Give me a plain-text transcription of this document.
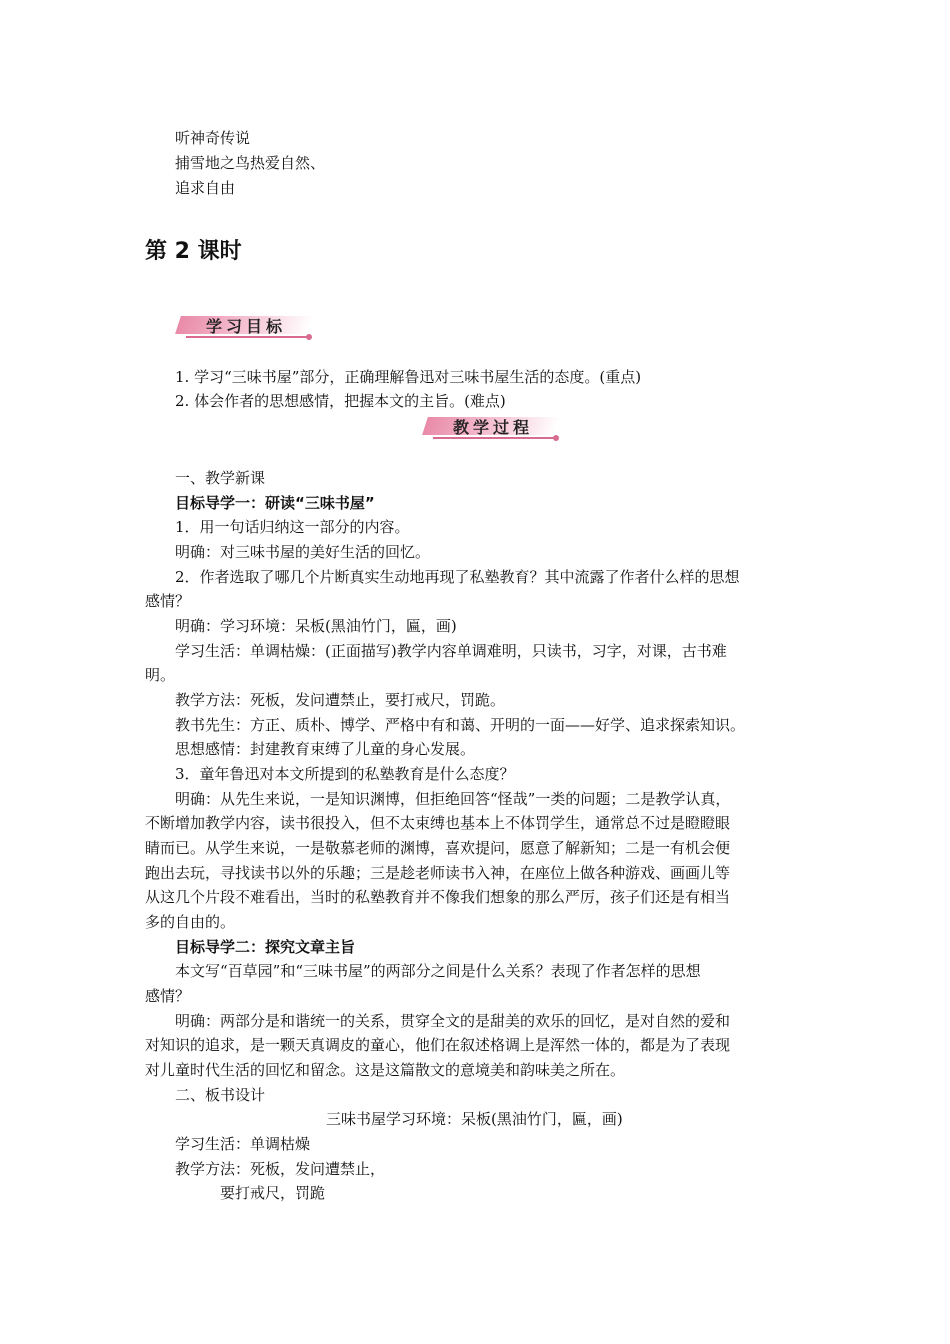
听神奇传说
捕雪地之鸟热爱自然、
追求自由
第 2 课时
学习目标
1. 学习“三味书屋”部分，正确理解鲁迅对三味书屋生活的态度。(重点)
2. 体会作者的思想感情，把握本文的主旨。(难点)
教学过程
一、教学新课
目标导学一：研读“三味书屋”
1．用一句话归纳这一部分的内容。
明确：对三味书屋的美好生活的回忆。
2．作者选取了哪几个片断真实生动地再现了私塾教育？其中流露了作者什么样的思想
感情？
明确：学习环境：呆板(黑油竹门，匾，画)
学习生活：单调枯燥：(正面描写)教学内容单调难明，只读书，习字，对课，古书难
明。
教学方法：死板，发问遭禁止，要打戒尺，罚跪。
教书先生：方正、质朴、博学、严格中有和蔼、开明的一面——好学、追求探索知识。
思想感情：封建教育束缚了儿童的身心发展。
3．童年鲁迅对本文所提到的私塾教育是什么态度？
明确：从先生来说，一是知识渊博，但拒绝回答“怪哉”一类的问题；二是教学认真，
不断增加教学内容，读书很投入，但不太束缚也基本上不体罚学生，通常总不过是瞪瞪眼
睛而已。从学生来说，一是敬慕老师的渊博，喜欢提问，愿意了解新知；二是一有机会便
跑出去玩，寻找读书以外的乐趣；三是趁老师读书入神，在座位上做各种游戏、画画儿等
从这几个片段不难看出，当时的私塾教育并不像我们想象的那么严厉，孩子们还是有相当
多的自由的。
目标导学二：探究文章主旨
本文写“百草园”和“三味书屋”的两部分之间是什么关系？表现了作者怎样的思想
感情？
明确：两部分是和谐统一的关系，贯穿全文的是甜美的欢乐的回忆，是对自然的爱和
对知识的追求，是一颗天真调皮的童心，他们在叙述格调上是浑然一体的，都是为了表现
对儿童时代生活的回忆和留念。这是这篇散文的意境美和韵味美之所在。
二、板书设计
三味书屋学习环境：呆板(黑油竹门，匾，画)
学习生活：单调枯燥
教学方法：死板，发问遭禁止，
要打戒尺，罚跪
